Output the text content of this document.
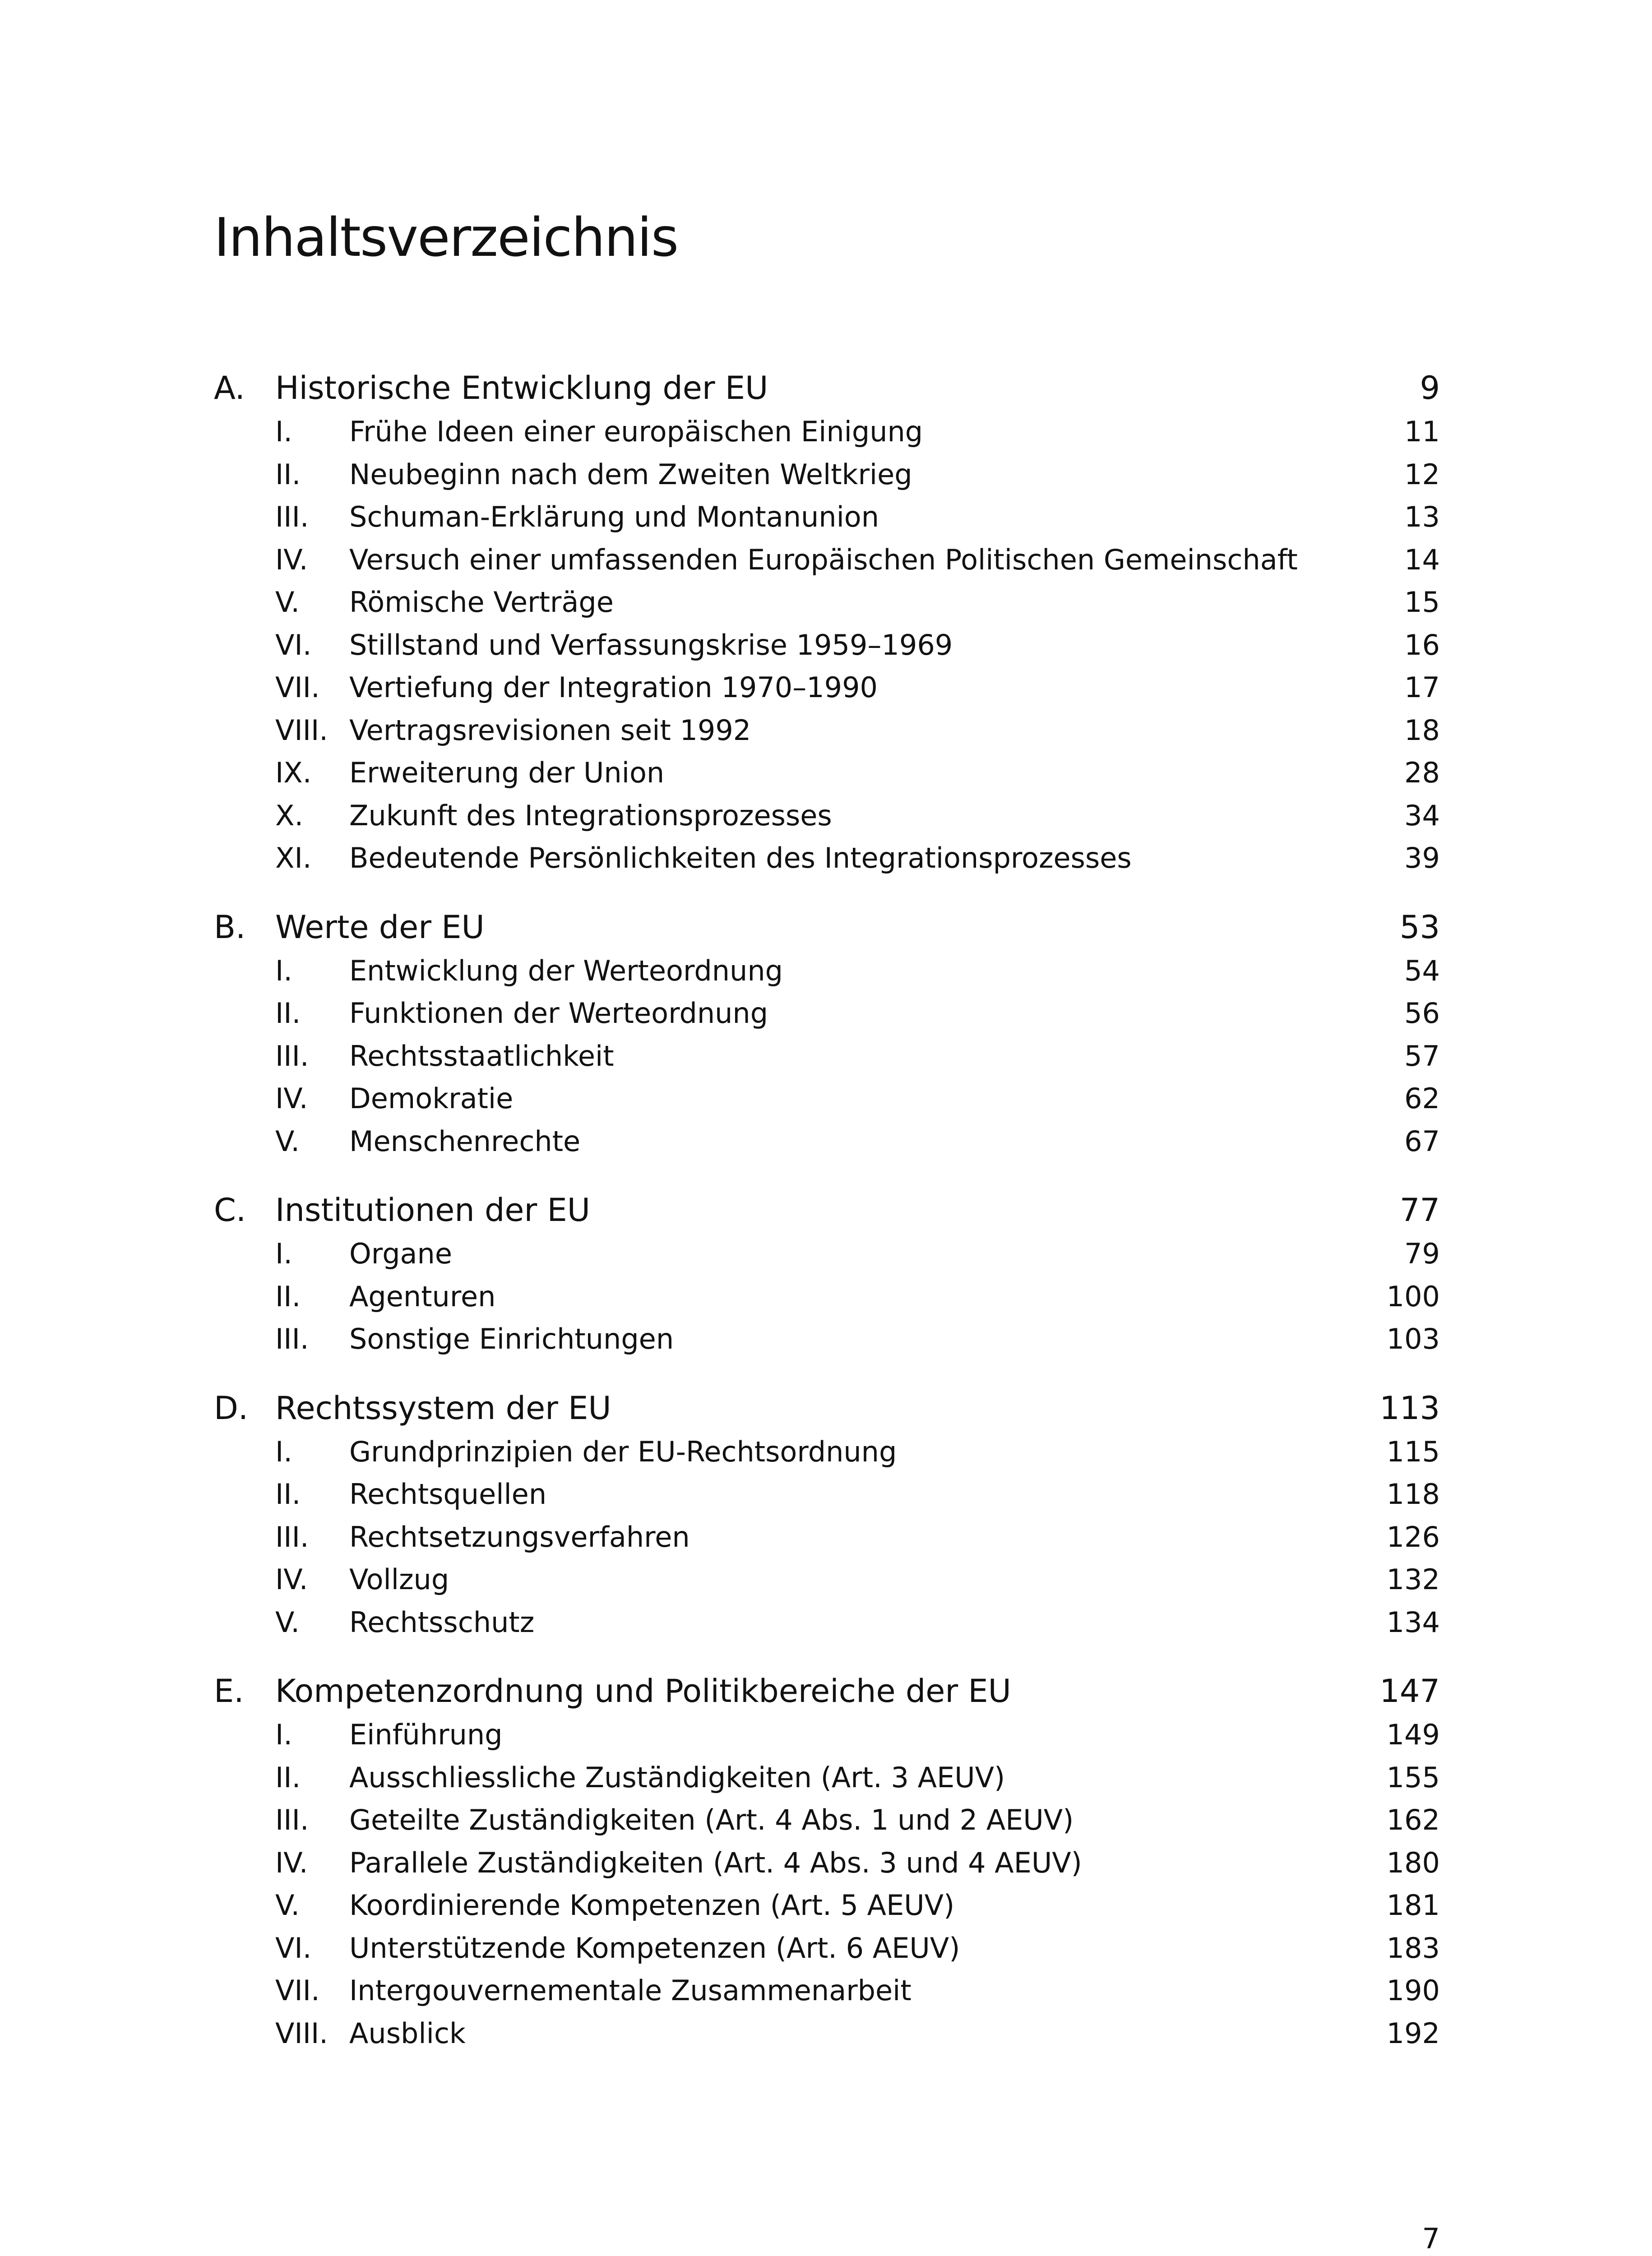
Inhaltsverzeichnis
A. Historische Entwicklung der EU	9
I.	Frühe Ideen einer europäischen Einigung	11
II.	Neubeginn nach dem Zweiten Weltkrieg	12
III.	Schuman-Erklärung und Montanunion	13
IV.	Versuch einer umfassenden Europäischen Politischen Gemeinschaft	14
V.	Römische Verträge	15
VI.	Stillstand und Verfassungskrise 1959–1969	16
VII.	Vertiefung der Integration 1970–1990	17
VIII. Vertragsrevisionen seit 1992	18
IX.	Erweiterung der Union	28
X.	Zukunft des Integrationsprozesses	34
XI.	Bedeutende Persönlichkeiten des Integrationsprozesses	39
B. Werte der EU	53
I.	Entwicklung der Werteordnung	54
II.	Funktionen der Werteordnung	56
III.	Rechtsstaatlichkeit	57
IV.	Demokratie	62
V.	Menschenrechte	67
C. Institutionen der EU	77
I.	Organe	79
II.	Agenturen	100
III.	Sonstige Einrichtungen	103
D. Rechtssystem der EU	113
I.	Grundprinzipien der EU-Rechtsordnung	115
II.	Rechtsquellen	118
III.	Rechtsetzungsverfahren	126
IV.	Vollzug	132
V.	Rechtsschutz	134
E. Kompetenzordnung und Politikbereiche der EU	147
I.	Einführung	149
II.	Ausschliessliche Zuständigkeiten (Art. 3 AEUV)	155
III.	Geteilte Zuständigkeiten (Art. 4 Abs. 1 und 2 AEUV)	162
IV.	Parallele Zuständigkeiten (Art. 4 Abs. 3 und 4 AEUV)	180
V.	Koordinierende Kompetenzen (Art. 5 AEUV)	181
VI.	Unterstützende Kompetenzen (Art. 6 AEUV)	183
VII.	Intergouvernementale Zusammenarbeit	190
VIII. Ausblick	192
7
